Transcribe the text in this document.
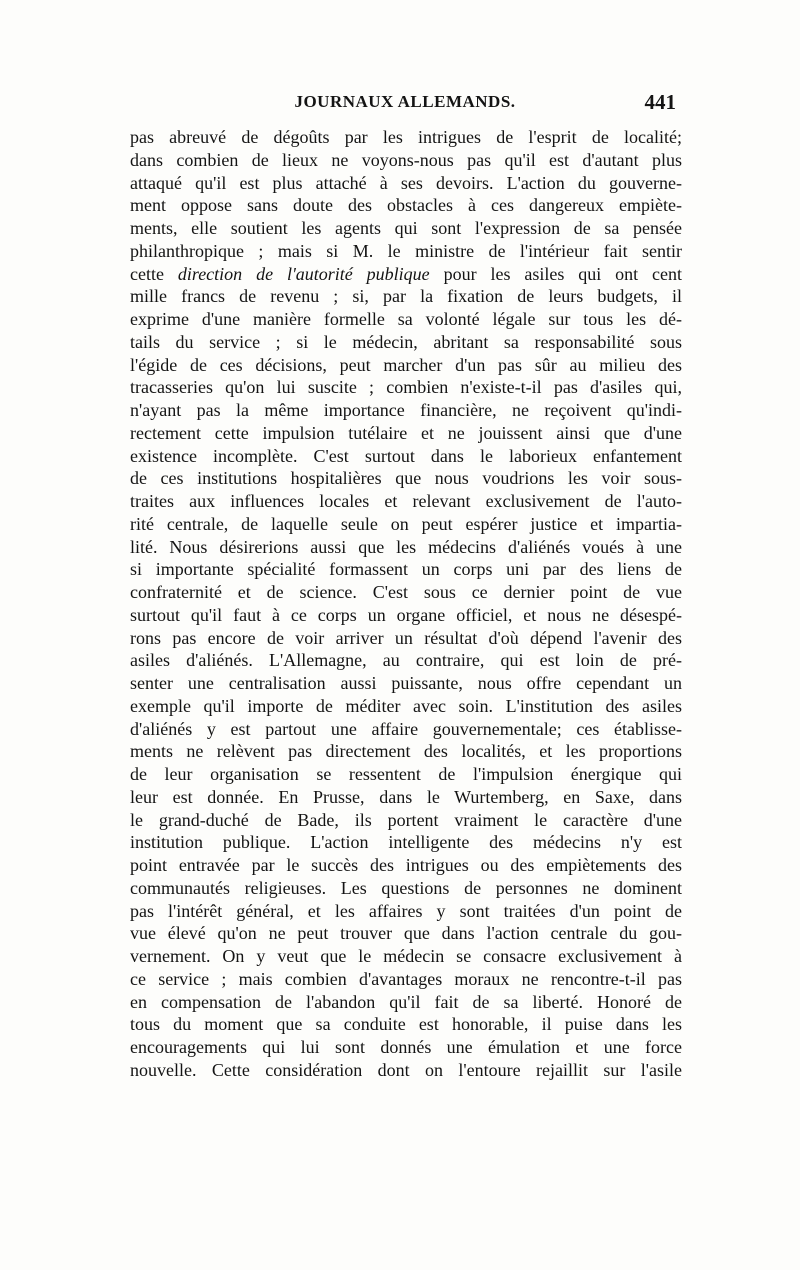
JOURNAUX ALLEMANDS.	441
pas abreuvé de dégoûts par les intrigues de l'esprit de localité;
dans combien de lieux ne voyons-nous pas qu'il est d'autant plus
attaqué qu'il est plus attaché à ses devoirs. L'action du gouverne-
ment oppose sans doute des obstacles à ces dangereux empiète-
ments, elle soutient les agents qui sont l'expression de sa pensée
philanthropique ; mais si M. le ministre de l'intérieur fait sentir
cette direction de l'autorité publique pour les asiles qui ont cent
mille francs de revenu ; si, par la fixation de leurs budgets, il
exprime d'une manière formelle sa volonté légale sur tous les dé-
tails du service ; si le médecin, abritant sa responsabilité sous
l'égide de ces décisions, peut marcher d'un pas sûr au milieu des
tracasseries qu'on lui suscite ; combien n'existe-t-il pas d'asiles qui,
n'ayant pas la même importance financière, ne reçoivent qu'indi-
rectement cette impulsion tutélaire et ne jouissent ainsi que d'une
existence incomplète. C'est surtout dans le laborieux enfantement
de ces institutions hospitalières que nous voudrions les voir sous-
traites aux influences locales et relevant exclusivement de l'auto-
rité centrale, de laquelle seule on peut espérer justice et impartia-
lité. Nous désirerions aussi que les médecins d'aliénés voués à une
si importante spécialité formassent un corps uni par des liens de
confraternité et de science. C'est sous ce dernier point de vue
surtout qu'il faut à ce corps un organe officiel, et nous ne désespé-
rons pas encore de voir arriver un résultat d'où dépend l'avenir des
asiles d'aliénés. L'Allemagne, au contraire, qui est loin de pré-
senter une centralisation aussi puissante, nous offre cependant un
exemple qu'il importe de méditer avec soin. L'institution des asiles
d'aliénés y est partout une affaire gouvernementale; ces établisse-
ments ne relèvent pas directement des localités, et les proportions
de leur organisation se ressentent de l'impulsion énergique qui
leur est donnée. En Prusse, dans le Wurtemberg, en Saxe, dans
le grand-duché de Bade, ils portent vraiment le caractère d'une
institution publique. L'action intelligente des médecins n'y est
point entravée par le succès des intrigues ou des empiètements des
communautés religieuses. Les questions de personnes ne dominent
pas l'intérêt général, et les affaires y sont traitées d'un point de
vue élevé qu'on ne peut trouver que dans l'action centrale du gou-
vernement. On y veut que le médecin se consacre exclusivement à
ce service ; mais combien d'avantages moraux ne rencontre-t-il pas
en compensation de l'abandon qu'il fait de sa liberté. Honoré de
tous du moment que sa conduite est honorable, il puise dans les
encouragements qui lui sont donnés une émulation et une force
nouvelle. Cette considération dont on l'entoure rejaillit sur l'asile
